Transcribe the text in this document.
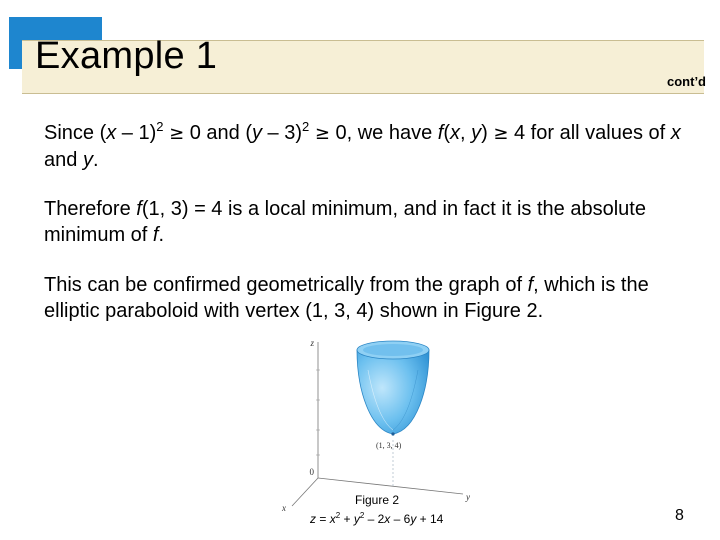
Example 1
cont’d
Since (x – 1)$^2$ ≥ 0 and (y – 3)$^2$ ≥ 0, we have f(x, y) ≥ 4 for all values of x and y.
Therefore f(1, 3) = 4 is a local minimum, and in fact it is the absolute minimum of f.
This can be confirmed geometrically from the graph of f, which is the elliptic paraboloid with vertex (1, 3, 4) shown in Figure 2.
z
y
x
0
(1, 3, 4)
Figure 2
$z = x^2 + y^2 - 2x - 6y + 14$	8
